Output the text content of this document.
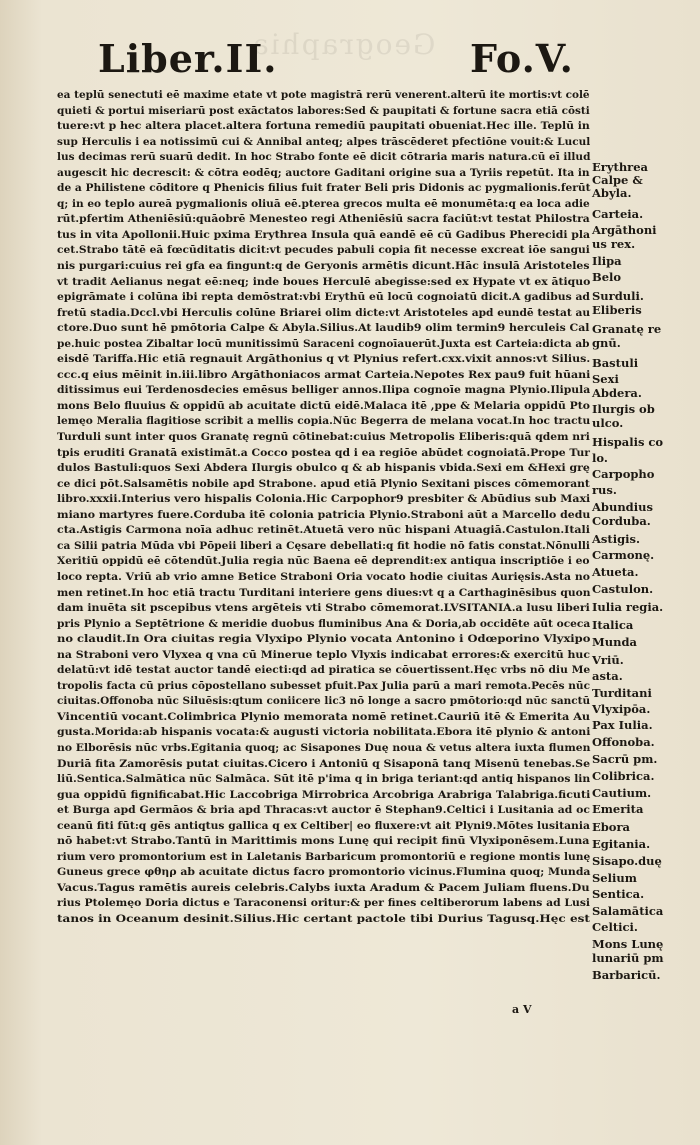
Geographia
Liber.II.	Fo.V.
ea teplū senectuti eē maxime etate vt pote magistrā rerū venerent.alterū ite mortis:vt colē
quieti & portui miseriarū post exāctatos labores:Sed & paupitati & fortune sacra etiā cōsti
tuere:vt p hec altera placet.altera fortuna remediū paupitati obueniat.Hec ille. Teplū in
sup Herculis i ea notissimū cui & Annibal anteq; alpes trāscēderet pfectiōne vouit:& Lucul
lus decimas rerū suarū dedit. In hoc Strabo fonte eē dicit cōtraria maris natura.cū eī illud
augescit hic decrescit: & cōtra eodēq; auctore Gaditani origine sua a Tyriis repetūt. Ita in
de a Philistene cōditore q Phenicis filius fuit frater Beli pris Didonis ac pygmalionis.ferūt
q; in eo teplo aureā pygmalionis oliuā eē.pterea grecos multa eē monumēta:q ea loca adie
rūt.pfertim Atheniēsiū:quāobrē Menesteo regi Atheniēsiū sacra faciūt:vt testat Philostra
tus in vita Apollonii.Huic pxima Erythrea Insula quā eandē eē cū Gadibus Pherecidi pla
cet.Strabo tātē eā fœcūditatis dicit:vt pecudes pabuli copia fit necesse excreat iōe sangui
nis purgari:cuius rei gfa ea fingunt:q de Geryonis armētis dicunt.Hāc insulā Aristoteles
vt tradit Aelianus negat eē:neq; inde boues Herculē abegisse:sed ex Hypate vt ex ātiquo
epigrāmate i colūna ibi repta demōstrat:vbi Erythū eū locū cognoiatū dicit.A gadibus ad
fretū stadia.Dccl.vbi Herculis colūne Briarei olim dicte:vt Aristoteles apd eundē testat au
ctore.Duo sunt hē pmōtoria Calpe & Abyla.Silius.At laudib9 olim termin9 herculeis Cal
pe.huic postea Zibaltar locū munitissimū Saraceni cognoīauerūt.Juxta est Carteia:dicta ab
eisdē Tariffa.Hic etiā regnauit Argāthonius q vt Plynius refert.cxx.vixit annos:vt Silius.
ccc.q eius mēinit in.iii.libro Argāthoniacos armat Carteia.Nepotes Rex pau9 fuit hūani
ditissimus eui Terdenosdecies emēsus belliger annos.Ilipa cognoīe magna Plynio.Ilipula
mons Belo fluuius & oppidū ab acuitate dictū eidē.Malaca itē ,ppe & Melaria oppidū Pto
lemęo Meralia flagitiose scribit a mellis copia.Nūc Begerra de melana vocat.In hoc tractu
Turduli sunt inter quos Granatę regnū cōtinebat:cuius Metropolis Eliberis:quā qdem nri
tpis eruditi Granatā existimāt.a Cocco postea qd i ea regiōe abūdet cognoiatā.Prope Tur
dulos Bastuli:quos Sexi Abdera Ilurgis obulco q & ab hispanis vbida.Sexi em &Hexi grę
ce dici pōt.Salsamētis nobile apd Strabone. apud etiā Plynio Sexitani pisces cōmemorant
libro.xxxii.Interius vero hispalis Colonia.Hic Carpophor9 presbiter & Abūdius sub Maxi
miano martyres fuere.Corduba itē colonia patricia Plynio.Straboni aūt a Marcello dedu
cta.Astigis Carmona noīa adhuc retinēt.Atuetā vero nūc hispani Atuagiā.Castulon.Itali
ca Silii patria Mūda vbi Pōpeii liberi a Cęsare debellati:q fit hodie nō fatis constat.Nōnulli
Xeritiū oppidū eē cōtendūt.Julia regia nūc Baena eē deprendit:ex antiqua inscriptiōe i eo
loco repta. Vriū ab vrio amne Betice Straboni Oria vocato hodie ciuitas Aurięsis.Asta no
men retinet.In hoc etiā tractu Turditani interiere gens diues:vt q a Carthaginēsibus quon
dam inuēta sit pscepibus vtens argēteis vti Strabo cōmemorat.LVSITANIA.a lusu liberi
pris Plynio a Septētrione & meridie duobus fluminibus Ana & Doria,ab occidēte aūt oceca
no claudit.In Ora ciuitas regia Vlyxipo Plynio vocata Antonino i Odœporino Vlyxipo
na Straboni vero Vlyxea q vna cū Minerue teplo Vlyxis indicabat errores:& exercitū huc
delatū:vt idē testat auctor tandē eiecti:qd ad piratica se cōuertissent.Hęc vrbs nō diu Me
tropolis facta cū prius cōpostellano subesset pfuit.Pax Julia parū a mari remota.Pecēs nūc
ciuitas.Offonoba nūc Siluēsis:qtum coniicere lic3 nō longe a sacro pmōtorio:qd nūc sanctū
Vincentiū vocant.Colimbrica Plynio memorata nomē retinet.Cauriū itē & Emerita Au
gusta.Morida:ab hispanis vocata:& augusti victoria nobilitata.Ebora itē plynio & antoni
no Elborēsis nūc vrbs.Egitania quoq; ac Sisapones Duę noua & vetus altera iuxta flumen
Duriā fita Zamorēsis putat ciuitas.Cicero i Antoniū q Sisaponā tanq Misenū tenebas.Se
liū.Sentica.Salmātica nūc Salmāca. Sūt itē p'ima q in briga teriant:qd antiq hispanos lin
gua oppidū fignificabat.Hic Laccobriga Mirrobrica Arcobriga Arabriga Talabriga.ficuti
et Burga apd Germāos & bria apd Thracas:vt auctor ē Stephan9.Celtici i Lusitania ad oc
ceanū fiti fūt:q gēs antiqtus gallica q ex Celtiber| eo fluxere:vt ait Plyni9.Mōtes lusitania
nō habet:vt Strabo.Tantū in Marittimis mons Lunę qui recipit finū Vlyxiponēsem.Luna
rium vero promontorium est in Laletanis Barbaricum promontoriū e regione montis lunę
Guneus grece φθηρ ab acuitate dictus facro promontorio vicinus.Flumina quoq; Munda
Vacus.Tagus ramētis aureis celebris.Calybs iuxta Aradum & Pacem Juliam fluens.Du
rius Ptolemęo Doria dictus e Taraconensi oritur:& per fines celtiberorum labens ad Lusi
tanos in Oceanum desinit.Silius.Hic certant pactole tibi Durius Tagusq.Hęc est
Erythrea
Calpe &
Abyla.
Carteia.
Argāthoni
us rex.
Ilipa
Belo
Surduli.
Eliberis
Granatę re
gnū.
Bastuli
Sexi
Abdera.
Ilurgis ob
ulco.
Hispalis co
lo.
Carpopho
rus.
Abundius
Corduba.
Astigis.
Carmonę.
Atueta.
Castulon.
Iulia regia.
Italica
Munda
Vriū.
asta.
Turditani
Vlyxipōa.
Pax Iulia.
Offonoba.
Sacrū pm.
Colibrica.
Cautium.
Emerita
Ebora
Egitania.
Sisapo.duę
Selium
Sentica.
Salamātica
Celtici.
Mons Lunę
lunariū pm
Barbaricū.
a V
